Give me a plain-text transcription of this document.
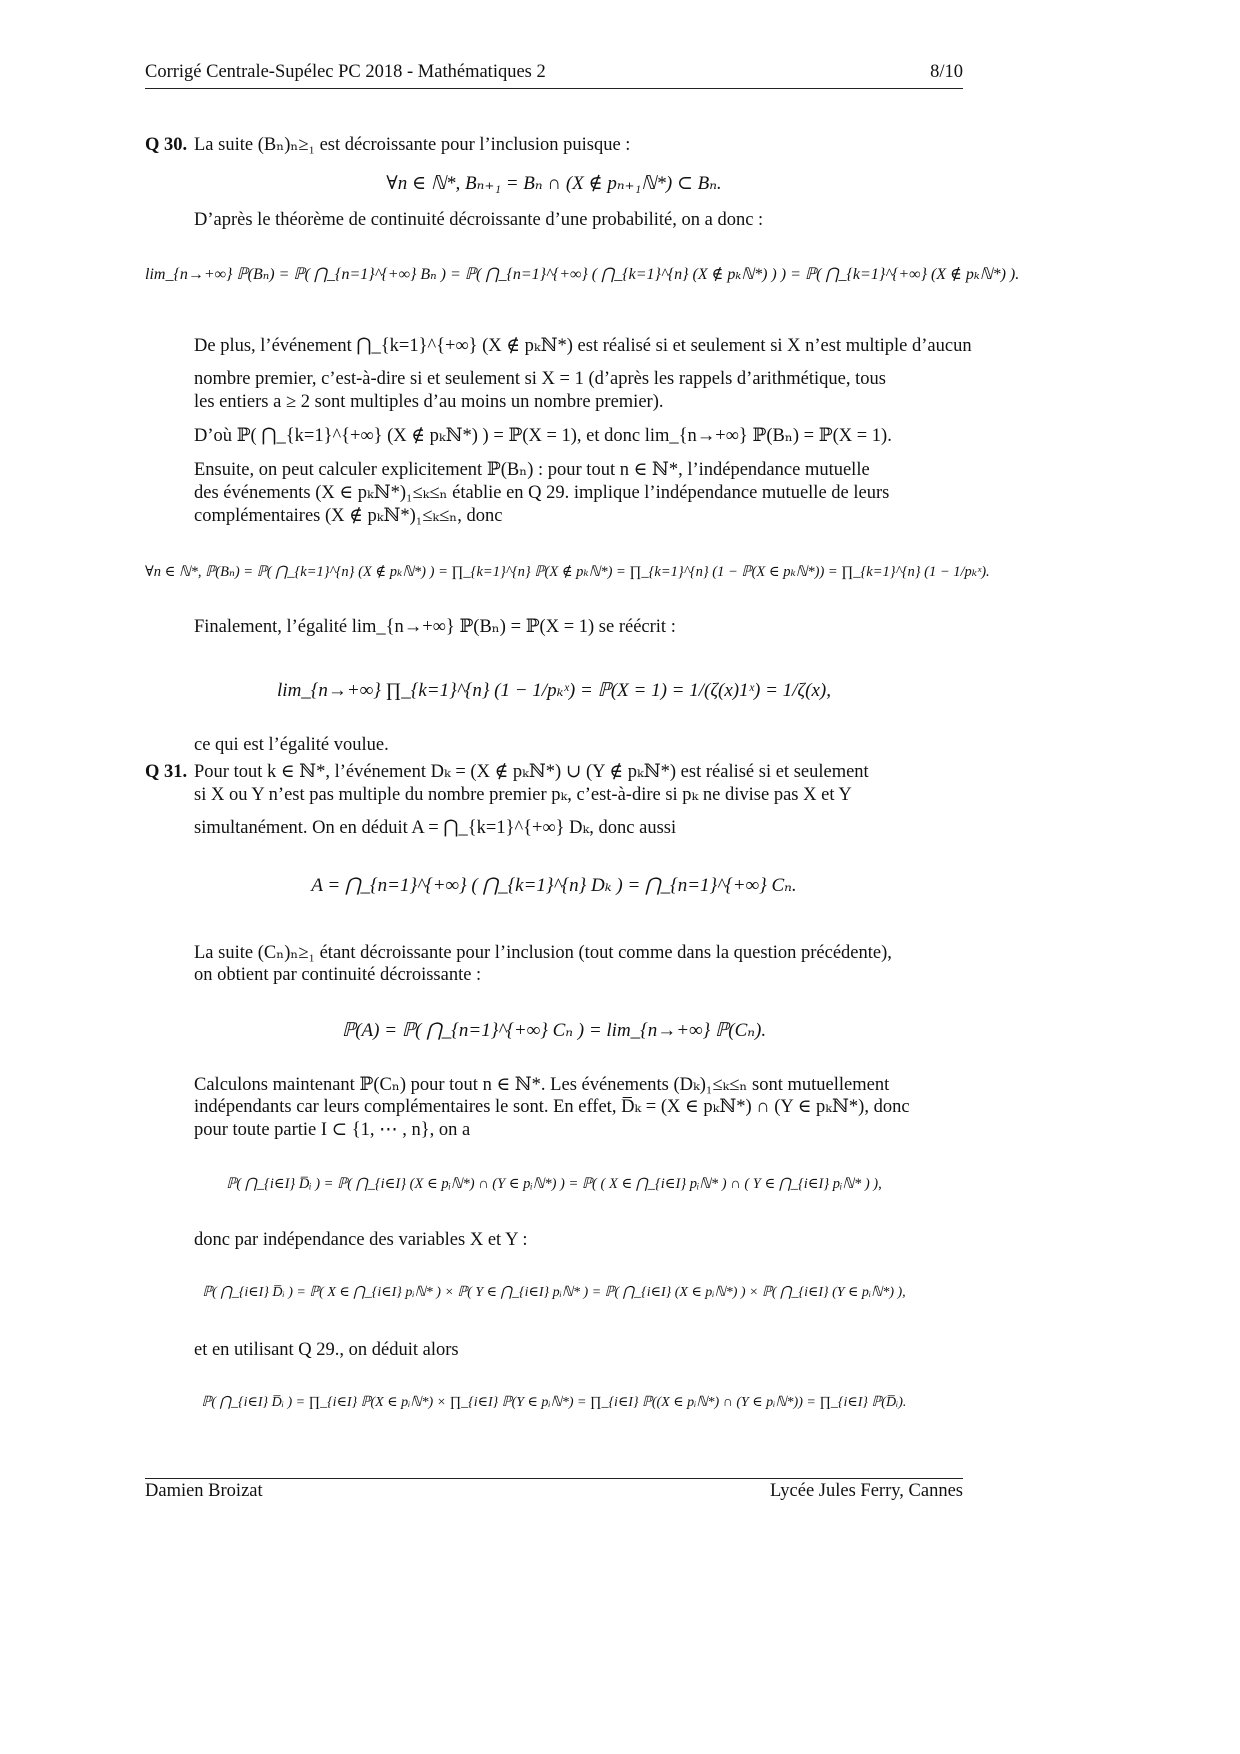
Corrigé Centrale-Supélec PC 2018 - Mathématiques 2	8/10
Q 30. La suite (Bₙ)ₙ≥₁ est décroissante pour l’inclusion puisque :
∀n ∈ ℕ*, Bₙ₊₁ = Bₙ ∩ (X ∉ pₙ₊₁ℕ*) ⊂ Bₙ.
D’après le théorème de continuité décroissante d’une probabilité, on a donc :
lim_{n→+∞} ℙ(Bₙ) = ℙ( ⋂_{n=1}^{+∞} Bₙ ) = ℙ( ⋂_{n=1}^{+∞} ( ⋂_{k=1}^{n} (X ∉ pₖℕ*) ) ) = ℙ( ⋂_{k=1}^{+∞} (X ∉ pₖℕ*) ).
De plus, l’événement ⋂_{k=1}^{+∞} (X ∉ pₖℕ*) est réalisé si et seulement si X n’est multiple d’aucun
nombre premier, c’est-à-dire si et seulement si X = 1 (d’après les rappels d’arithmétique, tous
les entiers a ≥ 2 sont multiples d’au moins un nombre premier).
D’où ℙ( ⋂_{k=1}^{+∞} (X ∉ pₖℕ*) ) = ℙ(X = 1), et donc lim_{n→+∞} ℙ(Bₙ) = ℙ(X = 1).
Ensuite, on peut calculer explicitement ℙ(Bₙ) : pour tout n ∈ ℕ*, l’indépendance mutuelle
des événements (X ∈ pₖℕ*)₁≤ₖ≤ₙ établie en Q 29. implique l’indépendance mutuelle de leurs
complémentaires (X ∉ pₖℕ*)₁≤ₖ≤ₙ, donc
∀n ∈ ℕ*, ℙ(Bₙ) = ℙ( ⋂_{k=1}^{n} (X ∉ pₖℕ*) ) = ∏_{k=1}^{n} ℙ(X ∉ pₖℕ*) = ∏_{k=1}^{n} (1 − ℙ(X ∈ pₖℕ*)) = ∏_{k=1}^{n} (1 − 1/pₖˣ).
Finalement, l’égalité lim_{n→+∞} ℙ(Bₙ) = ℙ(X = 1) se réécrit :
lim_{n→+∞} ∏_{k=1}^{n} (1 − 1/pₖˣ) = ℙ(X = 1) = 1/(ζ(x)1ˣ) = 1/ζ(x),
ce qui est l’égalité voulue.
Q 31. Pour tout k ∈ ℕ*, l’événement Dₖ = (X ∉ pₖℕ*) ∪ (Y ∉ pₖℕ*) est réalisé si et seulement
si X ou Y n’est pas multiple du nombre premier pₖ, c’est-à-dire si pₖ ne divise pas X et Y
simultanément. On en déduit A = ⋂_{k=1}^{+∞} Dₖ, donc aussi
A = ⋂_{n=1}^{+∞} ( ⋂_{k=1}^{n} Dₖ ) = ⋂_{n=1}^{+∞} Cₙ.
La suite (Cₙ)ₙ≥₁ étant décroissante pour l’inclusion (tout comme dans la question précédente),
on obtient par continuité décroissante :
ℙ(A) = ℙ( ⋂_{n=1}^{+∞} Cₙ ) = lim_{n→+∞} ℙ(Cₙ).
Calculons maintenant ℙ(Cₙ) pour tout n ∈ ℕ*. Les événements (Dₖ)₁≤ₖ≤ₙ sont mutuellement
indépendants car leurs complémentaires le sont. En effet, D̅ₖ = (X ∈ pₖℕ*) ∩ (Y ∈ pₖℕ*), donc
pour toute partie I ⊂ {1, ⋯ , n}, on a
ℙ( ⋂_{i∈I} D̅ᵢ ) = ℙ( ⋂_{i∈I} (X ∈ pᵢℕ*) ∩ (Y ∈ pᵢℕ*) ) = ℙ( ( X ∈ ⋂_{i∈I} pᵢℕ* ) ∩ ( Y ∈ ⋂_{i∈I} pᵢℕ* ) ),
donc par indépendance des variables X et Y :
ℙ( ⋂_{i∈I} D̅ᵢ ) = ℙ( X ∈ ⋂_{i∈I} pᵢℕ* ) × ℙ( Y ∈ ⋂_{i∈I} pᵢℕ* ) = ℙ( ⋂_{i∈I} (X ∈ pᵢℕ*) ) × ℙ( ⋂_{i∈I} (Y ∈ pᵢℕ*) ),
et en utilisant Q 29., on déduit alors
ℙ( ⋂_{i∈I} D̅ᵢ ) = ∏_{i∈I} ℙ(X ∈ pᵢℕ*) × ∏_{i∈I} ℙ(Y ∈ pᵢℕ*) = ∏_{i∈I} ℙ((X ∈ pᵢℕ*) ∩ (Y ∈ pᵢℕ*)) = ∏_{i∈I} ℙ(D̅ᵢ).
Damien Broizat	Lycée Jules Ferry, Cannes
